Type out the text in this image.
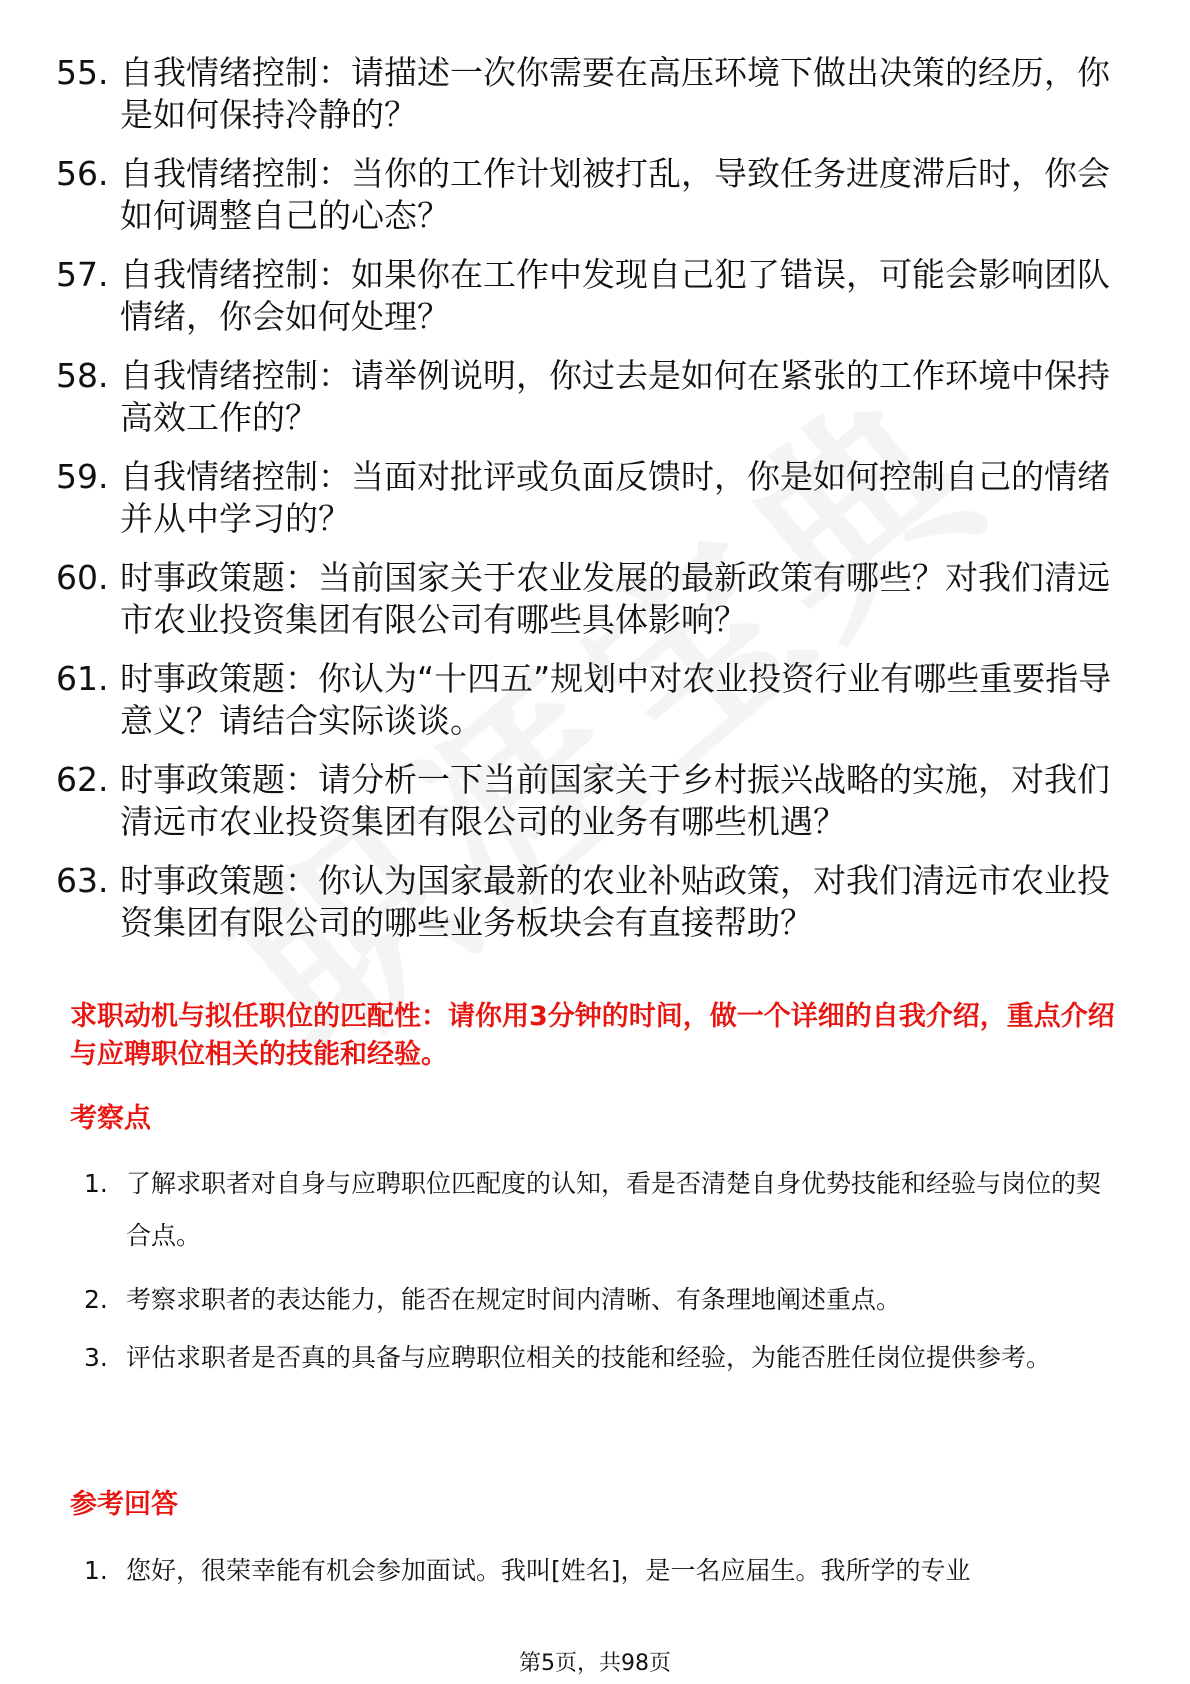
55. 自我情绪控制：请描述一次你需要在高压环境下做出决策的经历，你是如何保持冷静的？
56. 自我情绪控制：当你的工作计划被打乱，导致任务进度滞后时，你会如何调整自己的心态？
57. 自我情绪控制：如果你在工作中发现自己犯了错误，可能会影响团队情绪，你会如何处理？
58. 自我情绪控制：请举例说明，你过去是如何在紧张的工作环境中保持高效工作的？
59. 自我情绪控制：当面对批评或负面反馈时，你是如何控制自己的情绪并从中学习的？
60. 时事政策题：当前国家关于农业发展的最新政策有哪些？对我们清远市农业投资集团有限公司有哪些具体影响？
61. 时事政策题：你认为“十四五”规划中对农业投资行业有哪些重要指导意义？请结合实际谈谈。
62. 时事政策题：请分析一下当前国家关于乡村振兴战略的实施，对我们清远市农业投资集团有限公司的业务有哪些机遇？
63. 时事政策题：你认为国家最新的农业补贴政策，对我们清远市农业投资集团有限公司的哪些业务板块会有直接帮助？
求职动机与拟任职位的匹配性：请你用3分钟的时间，做一个详细的自我介绍，重点介绍与应聘职位相关的技能和经验。
考察点
1. 了解求职者对自身与应聘职位匹配度的认知，看是否清楚自身优势技能和经验与岗位的契合点。
2. 考察求职者的表达能力，能否在规定时间内清晰、有条理地阐述重点。
3. 评估求职者是否真的具备与应聘职位相关的技能和经验，为能否胜任岗位提供参考。
参考回答
1. 您好，很荣幸能有机会参加面试。我叫[姓名]，是一名应届生。我所学的专业
第5页，共98页
